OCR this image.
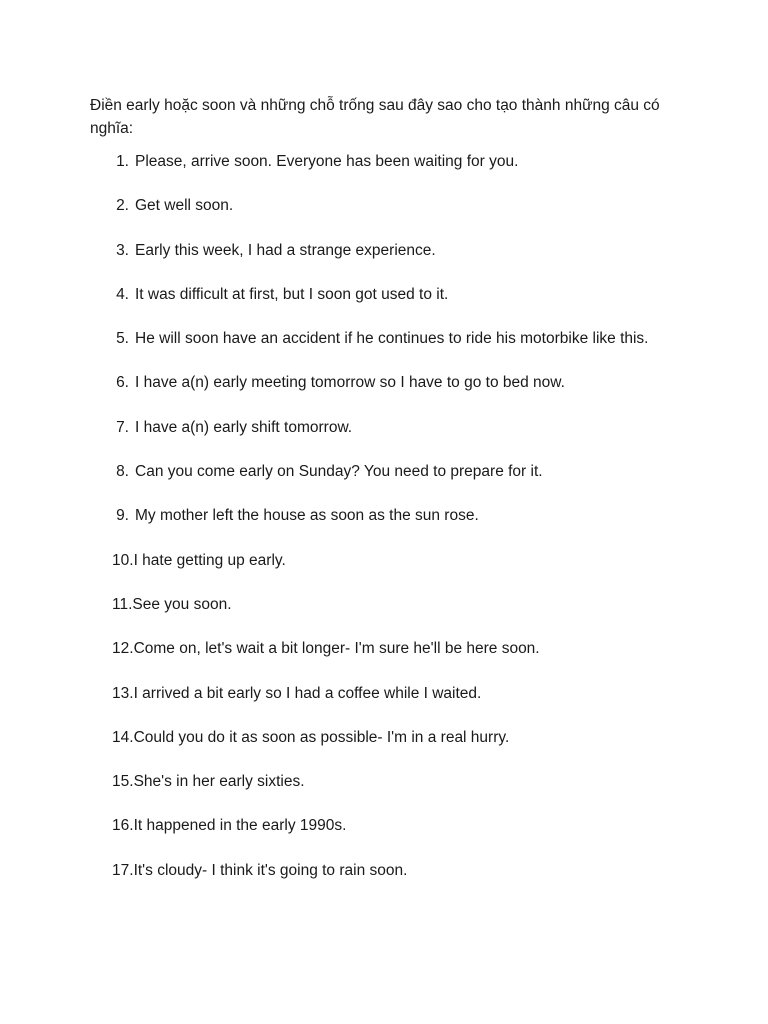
Điền early hoặc soon và những chỗ trống sau đây sao cho tạo thành những câu có nghĩa:

1. Please, arrive soon. Everyone has been waiting for you.
2. Get well soon.
3. Early this week, I had a strange experience.
4. It was difficult at first, but I soon got used to it.
5. He will soon have an accident if he continues to ride his motorbike like this.
6. I have a(n) early meeting tomorrow so I have to go to bed now.
7. I have a(n) early shift tomorrow.
8. Can you come early on Sunday? You need to prepare for it.
9. My mother left the house as soon as the sun rose.
10. I hate getting up early.
11. See you soon.
12. Come on, let's wait a bit longer- I'm sure he'll be here soon.
13. I arrived a bit early so I had a coffee while I waited.
14. Could you do it as soon as possible- I'm in a real hurry.
15. She's in her early sixties.
16. It happened in the early 1990s.
17. It's cloudy- I think it's going to rain soon.
